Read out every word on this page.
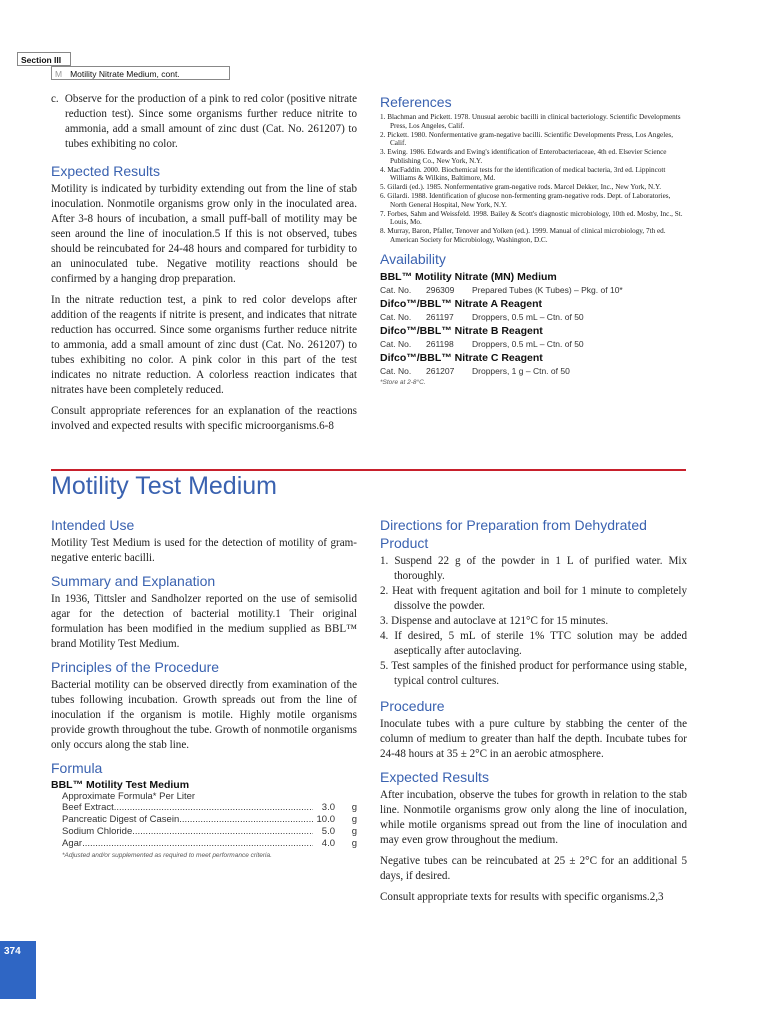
Section III
M Motility Nitrate Medium, cont.
c. Observe for the production of a pink to red color (positive nitrate reduction test). Since some organisms further reduce nitrite to ammonia, add a small amount of zinc dust (Cat. No. 261207) to tubes exhibiting no color.
Expected Results

Motility is indicated by turbidity extending out from the line of stab inoculation. Nonmotile organisms grow only in the inoculated area. After 3-8 hours of incubation, a small puff-ball of motility may be seen around the line of inoculation.5 If this is not observed, tubes should be reincubated for 24-48 hours and compared for turbidity to an uninoculated tube. Negative motility reactions should be confirmed by a hanging drop preparation.

In the nitrate reduction test, a pink to red color develops after addition of the reagents if nitrite is present, and indicates that nitrate reduction has occurred. Since some organisms further reduce nitrite to ammonia, add a small amount of zinc dust (Cat. No. 261207) to tubes exhibiting no color. A pink color in this part of the test indicates no nitrate reduction. A colorless reaction indicates that nitrates have been completely reduced.

Consult appropriate references for an explanation of the reactions involved and expected results with specific microorganisms.6-8

References
1. Blachman and Pickett. 1978. Unusual aerobic bacilli in clinical bacteriology. Scientific Developments Press, Los Angeles, Calif.
2. Pickett. 1980. Nonfermentative gram-negative bacilli. Scientific Developments Press, Los Angeles, Calif.
3. Ewing. 1986. Edwards and Ewing's identification of Enterobacteriaceae, 4th ed. Elsevier Science Publishing Co., New York, N.Y.
4. MacFaddin. 2000. Biochemical tests for the identification of medical bacteria, 3rd ed. Lippincott Williams & Wilkins, Baltimore, Md.
5. Gilardi (ed.). 1985. Nonfermentative gram-negative rods. Marcel Dekker, Inc., New York, N.Y.
6. Gilardi. 1988. Identification of glucose non-fermenting gram-negative rods. Dept. of Laboratories, North General Hospital, New York, N.Y.
7. Forbes, Sahm and Weissfeld. 1998. Bailey & Scott's diagnostic microbiology, 10th ed. Mosby, Inc., St. Louis, Mo.
8. Murray, Baron, Pfaller, Tenover and Yolken (ed.). 1999. Manual of clinical microbiology, 7th ed. American Society for Microbiology, Washington, D.C.
Availability
BBL™ Motility Nitrate (MN) Medium
Cat. No. 296309 Prepared Tubes (K Tubes) – Pkg. of 10*
Difco™/BBL™ Nitrate A Reagent
Cat. No. 261197 Droppers, 0.5 mL – Ctn. of 50
Difco™/BBL™ Nitrate B Reagent
Cat. No. 261198 Droppers, 0.5 mL – Ctn. of 50
Difco™/BBL™ Nitrate C Reagent
Cat. No. 261207 Droppers, 1 g – Ctn. of 50
*Store at 2-8°C.
Motility Test Medium
Intended Use

Motility Test Medium is used for the detection of motility of gram-negative enteric bacilli.

Summary and Explanation

In 1936, Tittsler and Sandholzer reported on the use of semisolid agar for the detection of bacterial motility.1 Their original formulation has been modified in the medium supplied as BBL™ brand Motility Test Medium.

Principles of the Procedure

Bacterial motility can be observed directly from examination of the tubes following incubation. Growth spreads out from the line of inoculation if the organism is motile. Highly motile organisms provide growth throughout the tube. Growth of nonmotile organisms only occurs along the stab line.

Formula
BBL™ Motility Test Medium
Approximate Formula* Per Liter
Beef Extract .....	3.0	g
Pancreatic Digest of Casein .....	10.0	g
Sodium Chloride .....	5.0	g
Agar .....	4.0	g
*Adjusted and/or supplemented as required to meet performance criteria.
Directions for Preparation from Dehydrated Product
1. Suspend 22 g of the powder in 1 L of purified water. Mix thoroughly.
2. Heat with frequent agitation and boil for 1 minute to completely dissolve the powder.
3. Dispense and autoclave at 121°C for 15 minutes.
4. If desired, 5 mL of sterile 1% TTC solution may be added aseptically after autoclaving.
5. Test samples of the finished product for performance using stable, typical control cultures.
Procedure

Inoculate tubes with a pure culture by stabbing the center of the column of medium to greater than half the depth. Incubate tubes for 24-48 hours at 35 ± 2°C in an aerobic atmosphere.

Expected Results

After incubation, observe the tubes for growth in relation to the stab line. Nonmotile organisms grow only along the line of inoculation, while motile organisms spread out from the line of inoculation and may even grow throughout the medium.

Negative tubes can be reincubated at 25 ± 2°C for an additional 5 days, if desired.

Consult appropriate texts for results with specific organisms.2,3

374
